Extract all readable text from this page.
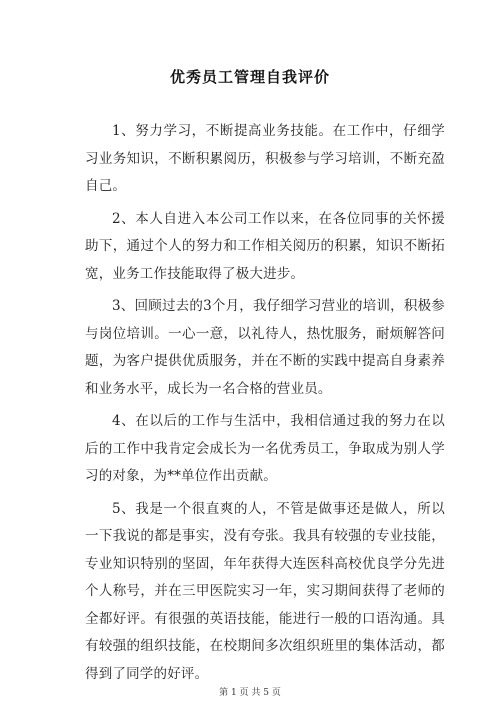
优秀员工管理自我评价

1、努力学习，不断提高业务技能。在工作中，仔细学习业务知识，不断积累阅历，积极参与学习培训，不断充盈自己。

2、本人自进入本公司工作以来，在各位同事的关怀援助下，通过个人的努力和工作相关阅历的积累，知识不断拓宽，业务工作技能取得了极大进步。

3、回顾过去的3个月，我仔细学习营业的培训，积极参与岗位培训。一心一意，以礼待人，热忱服务，耐烦解答问题，为客户提供优质服务，并在不断的实践中提高自身素养和业务水平，成长为一名合格的营业员。

4、在以后的工作与生活中，我相信通过我的努力在以后的工作中我肯定会成长为一名优秀员工，争取成为别人学习的对象，为**单位作出贡献。

5、我是一个很直爽的人，不管是做事还是做人，所以一下我说的都是事实，没有夸张。我具有较强的专业技能，专业知识特别的坚固，年年获得大连医科高校优良学分先进个人称号，并在三甲医院实习一年，实习期间获得了老师的全都好评。有很强的英语技能，能进行一般的口语沟通。具有较强的组织技能，在校期间多次组织班里的集体活动，都得到了同学的好评。

第 1 页 共 5 页
